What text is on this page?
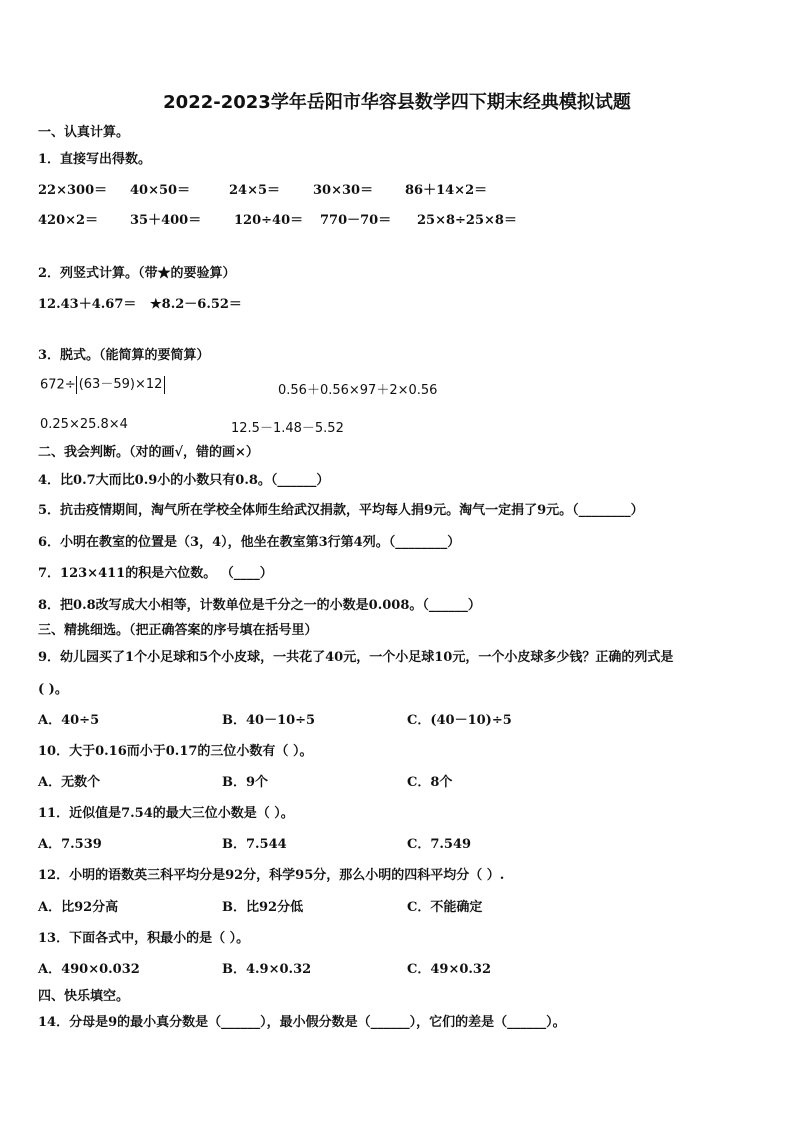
2022-2023学年岳阳市华容县数学四下期末经典模拟试题
一、认真计算。
1．直接写出得数。
22×300＝ 40×50＝	24×5＝	30×30＝ 86＋14×2＝
420×2＝ 35＋400＝	120÷40＝ 770－70＝ 25×8÷25×8＝
2．列竖式计算。（带★的要验算）
12.43＋4.67＝ ★8.2－6.52＝
3．脱式。（能简算的要简算）
672÷ (63－59)×12	0.56＋0.56×97＋2×0.56
0.25×25.8×4	12.5－1.48－5.52
二、我会判断。（对的画√，错的画×）
4．比0.7大而比0.9小的小数只有0.8。（______）
5．抗击疫情期间，淘气所在学校全体师生给武汉捐款，平均每人捐9元。淘气一定捐了9元。（________）
6．小明在教室的位置是（3，4），他坐在教室第3行第4列。（________）
7．123×411的积是六位数。 （____）
8．把0.8改写成大小相等，计数单位是千分之一的小数是0.008。（______）
三、精挑细选。（把正确答案的序号填在括号里）
9．幼儿园买了1个小足球和5个小皮球，一共花了40元，一个小足球10元，一个小皮球多少钱？正确的列式是
( )。
A．40÷5	B．40－10÷5	C．(40－10)÷5
10．大于0.16而小于0.17的三位小数有（ ）。
A．无数个	B．9个	C．8个
11．近似值是7.54的最大三位小数是（ ）。
A．7.539	B．7.544	C．7.549
12．小明的语数英三科平均分是92分，科学95分，那么小明的四科平均分（ ）.
A．比92分高	B．比92分低	C．不能确定
13．下面各式中，积最小的是（ ）。
A．490×0.032	B．4.9×0.32	C．49×0.32
四、快乐填空。
14．分母是9的最小真分数是（______），最小假分数是（______），它们的差是（______）。
